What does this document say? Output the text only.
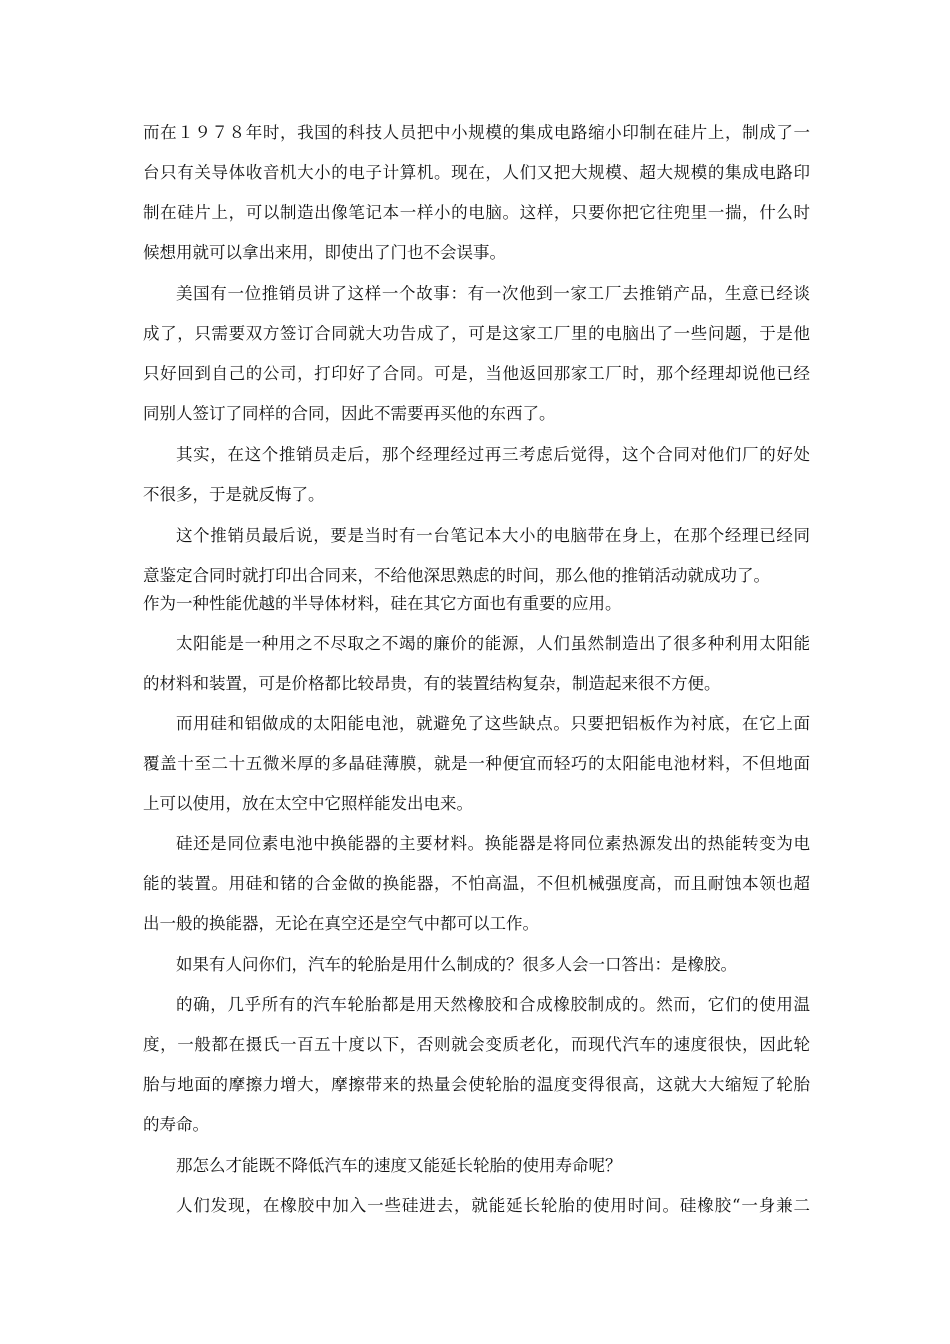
而在１９７８年时，我国的科技人员把中小规模的集成电路缩小印制在硅片上，制成了一
台只有关导体收音机大小的电子计算机。现在，人们又把大规模、超大规模的集成电路印
制在硅片上，可以制造出像笔记本一样小的电脑。这样，只要你把它往兜里一揣，什么时
候想用就可以拿出来用，即使出了门也不会误事。
美国有一位推销员讲了这样一个故事：有一次他到一家工厂去推销产品，生意已经谈
成了，只需要双方签订合同就大功告成了，可是这家工厂里的电脑出了一些问题，于是他
只好回到自己的公司，打印好了合同。可是，当他返回那家工厂时，那个经理却说他已经
同别人签订了同样的合同，因此不需要再买他的东西了。
其实，在这个推销员走后，那个经理经过再三考虑后觉得，这个合同对他们厂的好处
不很多，于是就反悔了。
这个推销员最后说，要是当时有一台笔记本大小的电脑带在身上，在那个经理已经同
意鉴定合同时就打印出合同来，不给他深思熟虑的时间，那么他的推销活动就成功了。
作为一种性能优越的半导体材料，硅在其它方面也有重要的应用。
太阳能是一种用之不尽取之不竭的廉价的能源，人们虽然制造出了很多种利用太阳能
的材料和装置，可是价格都比较昂贵，有的装置结构复杂，制造起来很不方便。
而用硅和铝做成的太阳能电池，就避免了这些缺点。只要把铝板作为衬底，在它上面
覆盖十至二十五微米厚的多晶硅薄膜，就是一种便宜而轻巧的太阳能电池材料，不但地面
上可以使用，放在太空中它照样能发出电来。
硅还是同位素电池中换能器的主要材料。换能器是将同位素热源发出的热能转变为电
能的装置。用硅和锗的合金做的换能器，不怕高温，不但机械强度高，而且耐蚀本领也超
出一般的换能器，无论在真空还是空气中都可以工作。
如果有人问你们，汽车的轮胎是用什么制成的？很多人会一口答出：是橡胶。
的确，几乎所有的汽车轮胎都是用天然橡胶和合成橡胶制成的。然而，它们的使用温
度，一般都在摄氏一百五十度以下，否则就会变质老化，而现代汽车的速度很快，因此轮
胎与地面的摩擦力增大，摩擦带来的热量会使轮胎的温度变得很高，这就大大缩短了轮胎
的寿命。
那怎么才能既不降低汽车的速度又能延长轮胎的使用寿命呢？
人们发现，在橡胶中加入一些硅进去，就能延长轮胎的使用时间。硅橡胶“一身兼二
